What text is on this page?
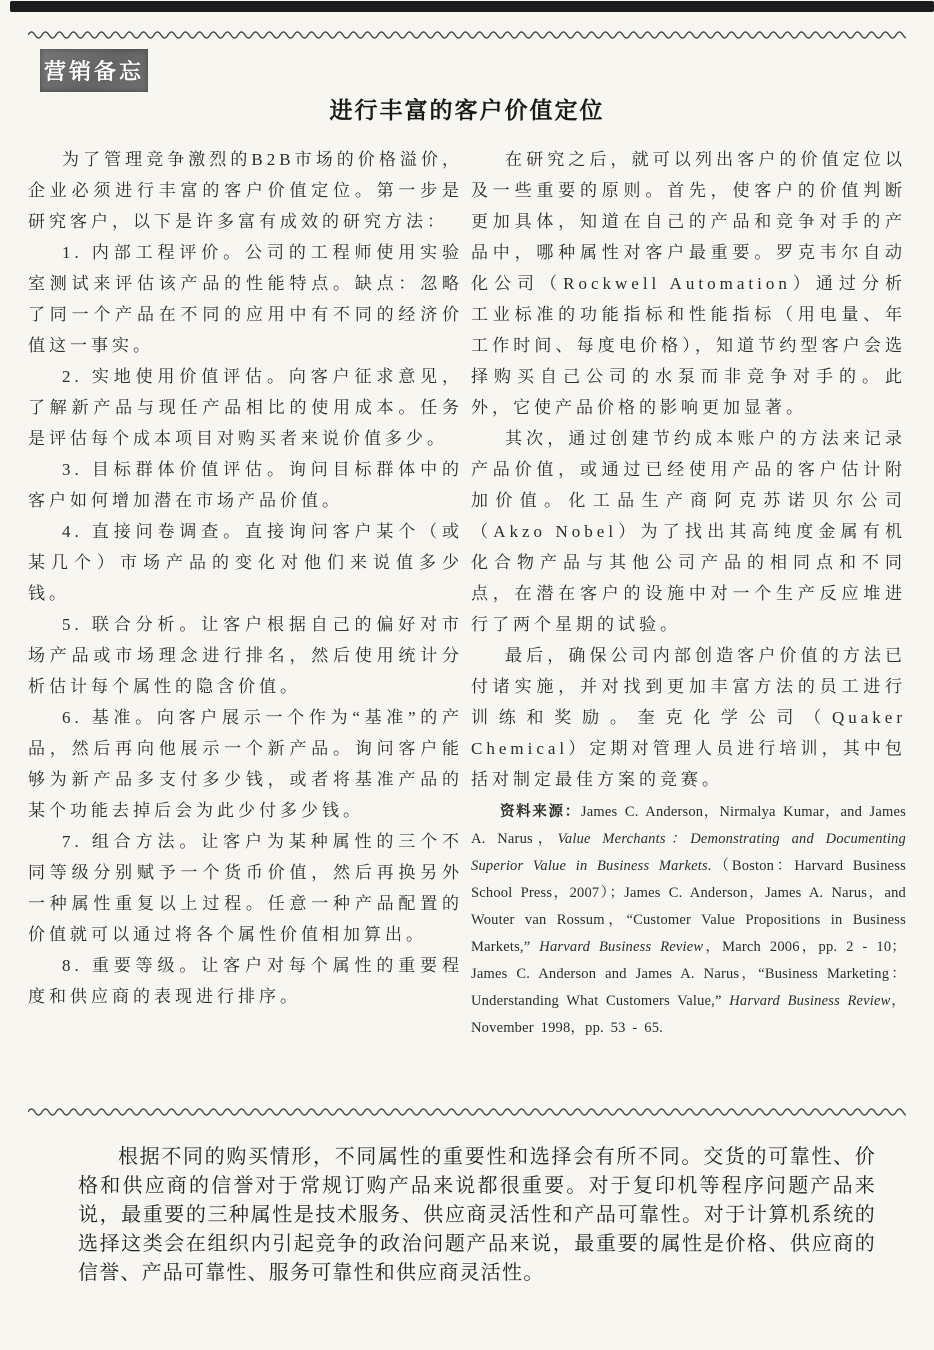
营销备忘
进行丰富的客户价值定位

为了管理竞争激烈的B2B市场的价格溢价，企业必须进行丰富的客户价值定位。第一步是研究客户，以下是许多富有成效的研究方法：

1. 内部工程评价。公司的工程师使用实验室测试来评估该产品的性能特点。缺点：忽略了同一个产品在不同的应用中有不同的经济价值这一事实。

2. 实地使用价值评估。向客户征求意见，了解新产品与现任产品相比的使用成本。任务是评估每个成本项目对购买者来说价值多少。

3. 目标群体价值评估。询问目标群体中的客户如何增加潜在市场产品价值。

4. 直接问卷调查。直接询问客户某个（或某几个）市场产品的变化对他们来说值多少钱。

5. 联合分析。让客户根据自己的偏好对市场产品或市场理念进行排名，然后使用统计分析估计每个属性的隐含价值。

6. 基准。向客户展示一个作为“基准”的产品，然后再向他展示一个新产品。询问客户能够为新产品多支付多少钱，或者将基准产品的某个功能去掉后会为此少付多少钱。

7. 组合方法。让客户为某种属性的三个不同等级分别赋予一个货币价值，然后再换另外一种属性重复以上过程。任意一种产品配置的价值就可以通过将各个属性价值相加算出。

8. 重要等级。让客户对每个属性的重要程度和供应商的表现进行排序。

在研究之后，就可以列出客户的价值定位以及一些重要的原则。首先，使客户的价值判断更加具体，知道在自己的产品和竞争对手的产品中，哪种属性对客户最重要。罗克韦尔自动化公司（Rockwell Automation）通过分析工业标准的功能指标和性能指标（用电量、年工作时间、每度电价格），知道节约型客户会选择购买自己公司的水泵而非竞争对手的。此外，它使产品价格的影响更加显著。

其次，通过创建节约成本账户的方法来记录产品价值，或通过已经使用产品的客户估计附加价值。化工品生产商阿克苏诺贝尔公司（Akzo Nobel）为了找出其高纯度金属有机化合物产品与其他公司产品的相同点和不同点，在潜在客户的设施中对一个生产反应堆进行了两个星期的试验。

最后，确保公司内部创造客户价值的方法已付诸实施，并对找到更加丰富方法的员工进行训练和奖励。奎克化学公司（Quaker Chemical）定期对管理人员进行培训，其中包括对制定最佳方案的竞赛。

资料来源：James C. Anderson，Nirmalya Kumar，and James A. Narus，Value Merchants：Demonstrating and Documenting Superior Value in Business Markets.（Boston：Harvard Business School Press，2007）；James C. Anderson，James A. Narus，and Wouter van Rossum，“Customer Value Propositions in Business Markets,” Harvard Business Review，March 2006，pp. 2 - 10；James C. Anderson and James A. Narus，“Business Marketing：Understanding What Customers Value,” Harvard Business Review，November 1998，pp. 53 - 65.

根据不同的购买情形，不同属性的重要性和选择会有所不同。交货的可靠性、价格和供应商的信誉对于常规订购产品来说都很重要。对于复印机等程序问题产品来说，最重要的三种属性是技术服务、供应商灵活性和产品可靠性。对于计算机系统的选择这类会在组织内引起竞争的政治问题产品来说，最重要的属性是价格、供应商的信誉、产品可靠性、服务可靠性和供应商灵活性。
